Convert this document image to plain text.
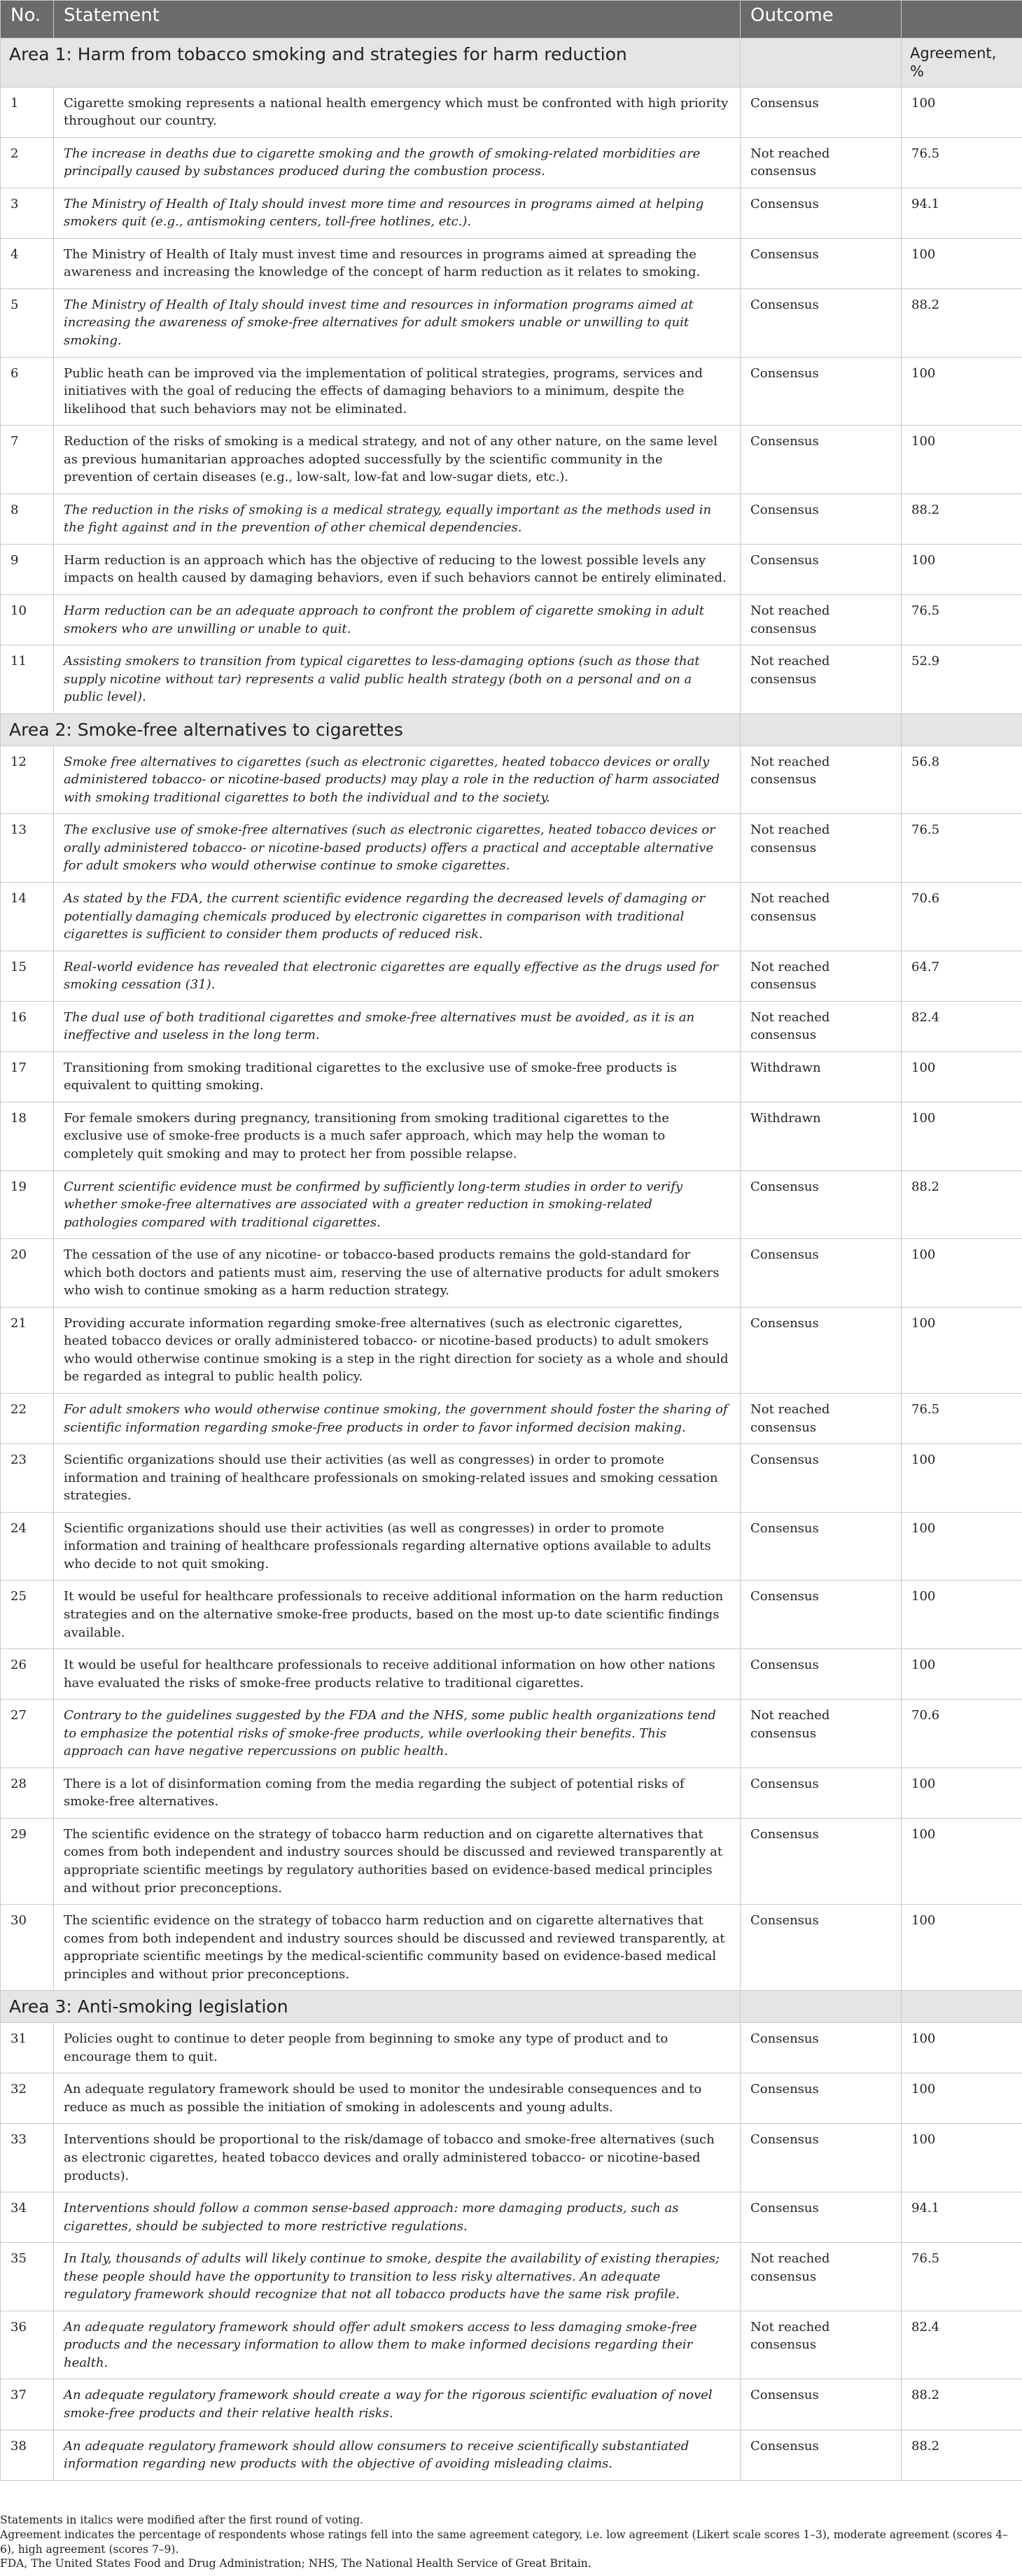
No.	Statement	Outcome	
Area 1: Harm from tobacco smoking and strategies for harm reduction			Agreement, %
1	Cigarette smoking represents a national health emergency which must be confronted with high priority throughout our country.	Consensus	100
2	The increase in deaths due to cigarette smoking and the growth of smoking-related morbidities are principally caused by substances produced during the combustion process.	Not reached consensus	76.5
3	The Ministry of Health of Italy should invest more time and resources in programs aimed at helping smokers quit (e.g., antismoking centers, toll-free hotlines, etc.).	Consensus	94.1
4	The Ministry of Health of Italy must invest time and resources in programs aimed at spreading the awareness and increasing the knowledge of the concept of harm reduction as it relates to smoking.	Consensus	100
5	The Ministry of Health of Italy should invest time and resources in information programs aimed at increasing the awareness of smoke-free alternatives for adult smokers unable or unwilling to quit smoking.	Consensus	88.2
6	Public heath can be improved via the implementation of political strategies, programs, services and initiatives with the goal of reducing the effects of damaging behaviors to a minimum, despite the likelihood that such behaviors may not be eliminated.	Consensus	100
7	Reduction of the risks of smoking is a medical strategy, and not of any other nature, on the same level as previous humanitarian approaches adopted successfully by the scientific community in the prevention of certain diseases (e.g., low-salt, low-fat and low-sugar diets, etc.).	Consensus	100
8	The reduction in the risks of smoking is a medical strategy, equally important as the methods used in the fight against and in the prevention of other chemical dependencies.	Consensus	88.2
9	Harm reduction is an approach which has the objective of reducing to the lowest possible levels any impacts on health caused by damaging behaviors, even if such behaviors cannot be entirely eliminated.	Consensus	100
10	Harm reduction can be an adequate approach to confront the problem of cigarette smoking in adult smokers who are unwilling or unable to quit.	Not reached consensus	76.5
11	Assisting smokers to transition from typical cigarettes to less-damaging options (such as those that supply nicotine without tar) represents a valid public health strategy (both on a personal and on a public level).	Not reached consensus	52.9
Area 2: Smoke-free alternatives to cigarettes			
12	Smoke free alternatives to cigarettes (such as electronic cigarettes, heated tobacco devices or orally administered tobacco- or nicotine-based products) may play a role in the reduction of harm associated with smoking traditional cigarettes to both the individual and to the society.	Not reached consensus	56.8
13	The exclusive use of smoke-free alternatives (such as electronic cigarettes, heated tobacco devices or orally administered tobacco- or nicotine-based products) offers a practical and acceptable alternative for adult smokers who would otherwise continue to smoke cigarettes.	Not reached consensus	76.5
14	As stated by the FDA, the current scientific evidence regarding the decreased levels of damaging or potentially damaging chemicals produced by electronic cigarettes in comparison with traditional cigarettes is sufficient to consider them products of reduced risk.	Not reached consensus	70.6
15	Real-world evidence has revealed that electronic cigarettes are equally effective as the drugs used for smoking cessation (31).	Not reached consensus	64.7
16	The dual use of both traditional cigarettes and smoke-free alternatives must be avoided, as it is an ineffective and useless in the long term.	Not reached consensus	82.4
17	Transitioning from smoking traditional cigarettes to the exclusive use of smoke-free products is equivalent to quitting smoking.	Withdrawn	100
18	For female smokers during pregnancy, transitioning from smoking traditional cigarettes to the exclusive use of smoke-free products is a much safer approach, which may help the woman to completely quit smoking and may to protect her from possible relapse.	Withdrawn	100
19	Current scientific evidence must be confirmed by sufficiently long-term studies in order to verify whether smoke-free alternatives are associated with a greater reduction in smoking-related pathologies compared with traditional cigarettes.	Consensus	88.2
20	The cessation of the use of any nicotine- or tobacco-based products remains the gold-standard for which both doctors and patients must aim, reserving the use of alternative products for adult smokers who wish to continue smoking as a harm reduction strategy.	Consensus	100
21	Providing accurate information regarding smoke-free alternatives (such as electronic cigarettes, heated tobacco devices or orally administered tobacco- or nicotine-based products) to adult smokers who would otherwise continue smoking is a step in the right direction for society as a whole and should be regarded as integral to public health policy.	Consensus	100
22	For adult smokers who would otherwise continue smoking, the government should foster the sharing of scientific information regarding smoke-free products in order to favor informed decision making.	Not reached consensus	76.5
23	Scientific organizations should use their activities (as well as congresses) in order to promote information and training of healthcare professionals on smoking-related issues and smoking cessation strategies.	Consensus	100
24	Scientific organizations should use their activities (as well as congresses) in order to promote information and training of healthcare professionals regarding alternative options available to adults who decide to not quit smoking.	Consensus	100
25	It would be useful for healthcare professionals to receive additional information on the harm reduction strategies and on the alternative smoke-free products, based on the most up-to date scientific findings available.	Consensus	100
26	It would be useful for healthcare professionals to receive additional information on how other nations have evaluated the risks of smoke-free products relative to traditional cigarettes.	Consensus	100
27	Contrary to the guidelines suggested by the FDA and the NHS, some public health organizations tend to emphasize the potential risks of smoke-free products, while overlooking their benefits. This approach can have negative repercussions on public health.	Not reached consensus	70.6
28	There is a lot of disinformation coming from the media regarding the subject of potential risks of smoke-free alternatives.	Consensus	100
29	The scientific evidence on the strategy of tobacco harm reduction and on cigarette alternatives that comes from both independent and industry sources should be discussed and reviewed transparently at appropriate scientific meetings by regulatory authorities based on evidence-based medical principles and without prior preconceptions.	Consensus	100
30	The scientific evidence on the strategy of tobacco harm reduction and on cigarette alternatives that comes from both independent and industry sources should be discussed and reviewed transparently, at appropriate scientific meetings by the medical-scientific community based on evidence-based medical principles and without prior preconceptions.	Consensus	100
Area 3: Anti-smoking legislation			
31	Policies ought to continue to deter people from beginning to smoke any type of product and to encourage them to quit.	Consensus	100
32	An adequate regulatory framework should be used to monitor the undesirable consequences and to reduce as much as possible the initiation of smoking in adolescents and young adults.	Consensus	100
33	Interventions should be proportional to the risk/damage of tobacco and smoke-free alternatives (such as electronic cigarettes, heated tobacco devices and orally administered tobacco- or nicotine-based products).	Consensus	100
34	Interventions should follow a common sense-based approach: more damaging products, such as cigarettes, should be subjected to more restrictive regulations.	Consensus	94.1
35	In Italy, thousands of adults will likely continue to smoke, despite the availability of existing therapies; these people should have the opportunity to transition to less risky alternatives. An adequate regulatory framework should recognize that not all tobacco products have the same risk profile.	Not reached consensus	76.5
36	An adequate regulatory framework should offer adult smokers access to less damaging smoke-free products and the necessary information to allow them to make informed decisions regarding their health.	Not reached consensus	82.4
37	An adequate regulatory framework should create a way for the rigorous scientific evaluation of novel smoke-free products and their relative health risks.	Consensus	88.2
38	An adequate regulatory framework should allow consumers to receive scientifically substantiated information regarding new products with the objective of avoiding misleading claims.	Consensus	88.2

Statements in italics were modified after the first round of voting.

Agreement indicates the percentage of respondents whose ratings fell into the same agreement category, i.e. low agreement (Likert scale scores 1–3), moderate agreement (scores 4–6), high agreement (scores 7–9).

FDA, The United States Food and Drug Administration; NHS, The National Health Service of Great Britain.
